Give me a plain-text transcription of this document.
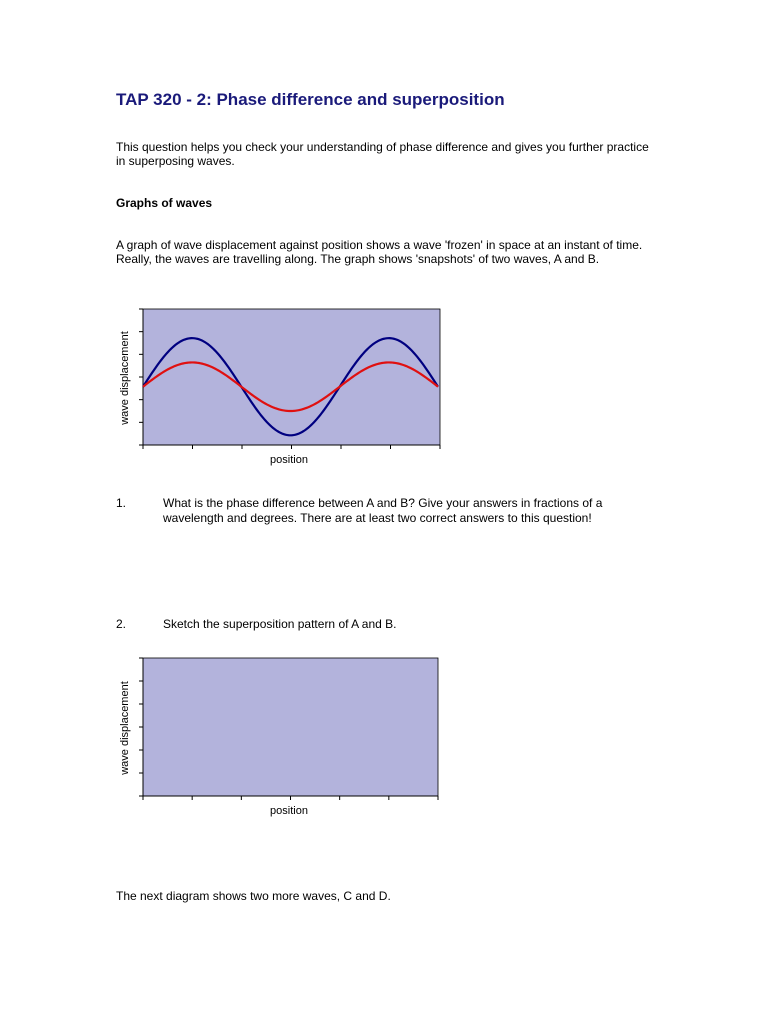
TAP 320 - 2: Phase difference and superposition

This question helps you check your understanding of phase difference and gives you further practice in superposing waves.

Graphs of waves

A graph of wave displacement against position shows a wave 'frozen' in space at an instant of time. Really, the waves are travelling along. The graph shows 'snapshots' of two waves, A and B.

wave displacement
position

1.	What is the phase difference between A and B? Give your answers in fractions of a wavelength and degrees. There are at least two correct answers to this question!

2.	Sketch the superposition pattern of A and B.

wave displacement
position

The next diagram shows two more waves, C and D.
